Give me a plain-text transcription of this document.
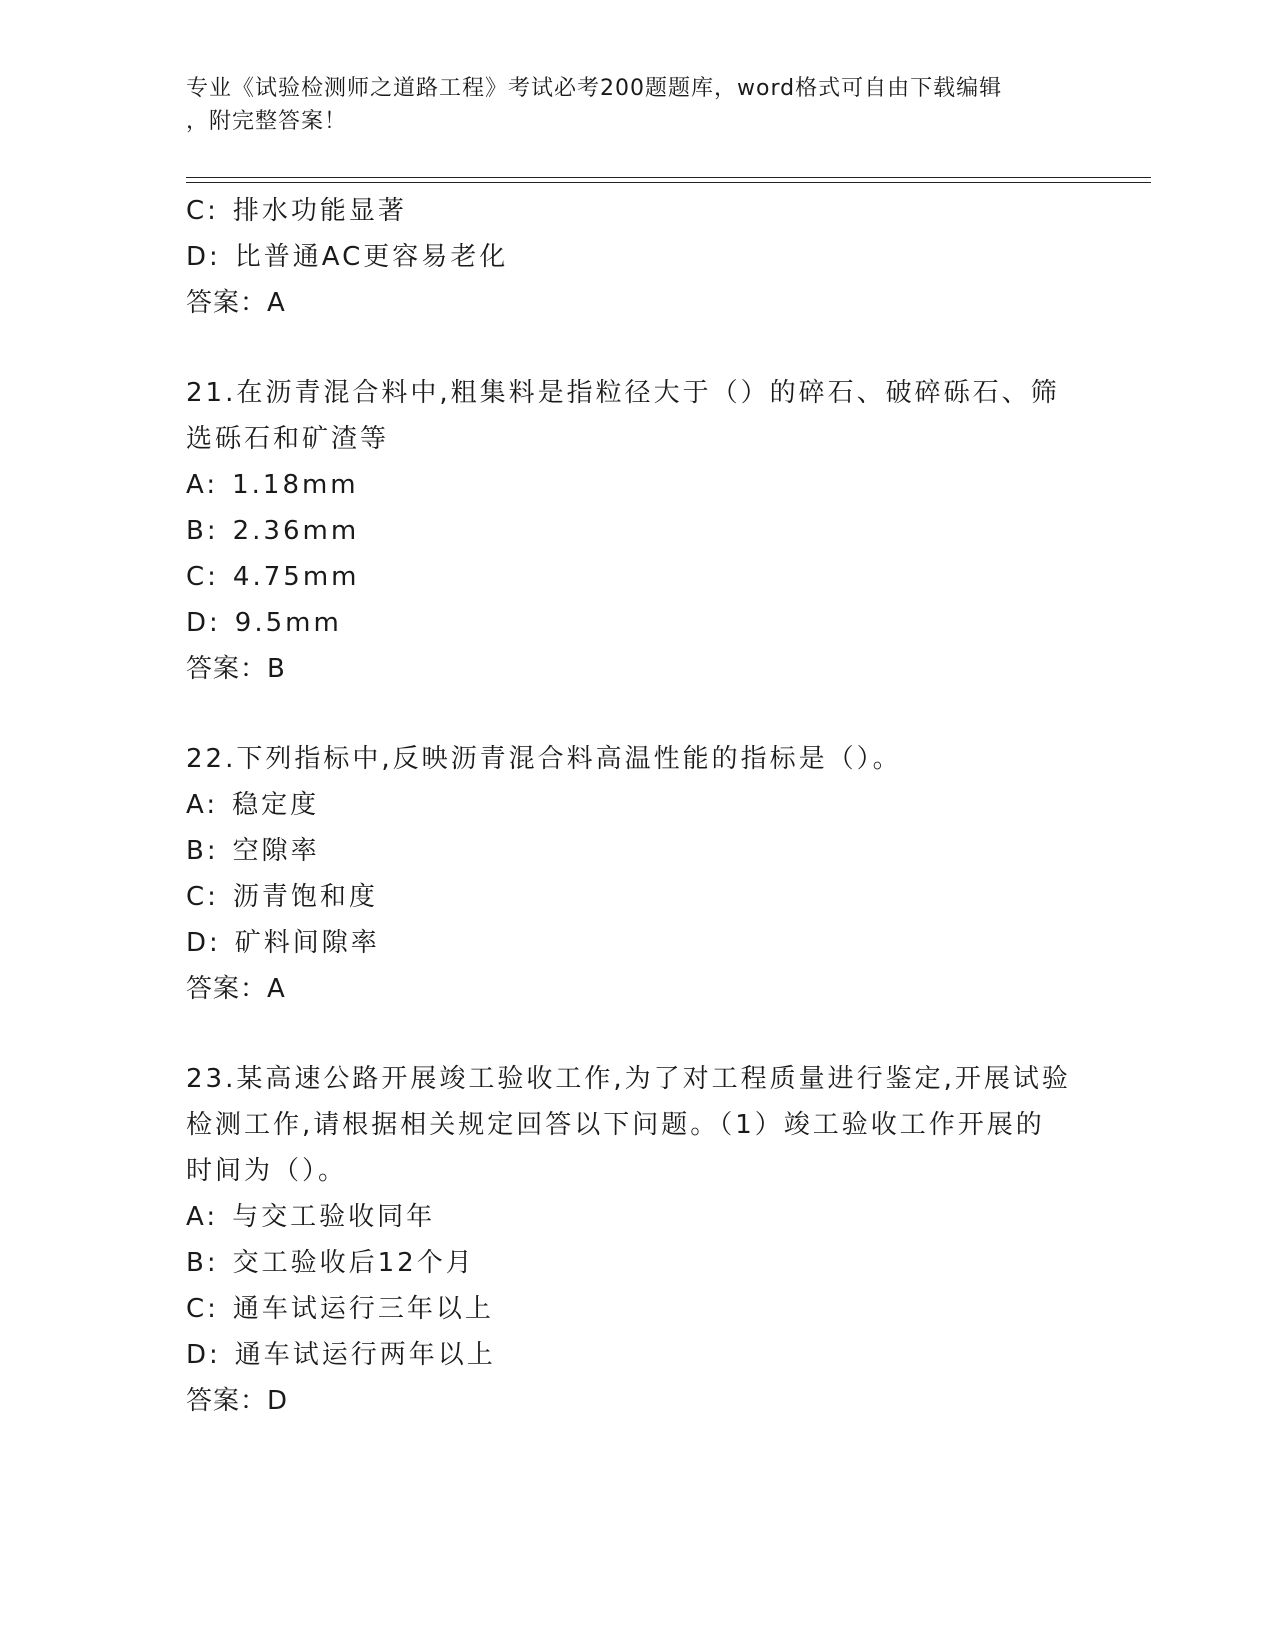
专业《试验检测师之道路工程》考试必考200题题库，word格式可自由下载编辑
，附完整答案！
C: 排水功能显著
D: 比普通AC更容易老化
答案：A
21.在沥青混合料中,粗集料是指粒径大于（）的碎石、破碎砾石、筛
选砾石和矿渣等
A: 1.18mm
B: 2.36mm
C: 4.75mm
D: 9.5mm
答案：B
22.下列指标中,反映沥青混合料高温性能的指标是（）。
A: 稳定度
B: 空隙率
C: 沥青饱和度
D: 矿料间隙率
答案：A
23.某高速公路开展竣工验收工作,为了对工程质量进行鉴定,开展试验
检测工作,请根据相关规定回答以下问题。（1）竣工验收工作开展的
时间为（）。
A: 与交工验收同年
B: 交工验收后12个月
C: 通车试运行三年以上
D: 通车试运行两年以上
答案：D
